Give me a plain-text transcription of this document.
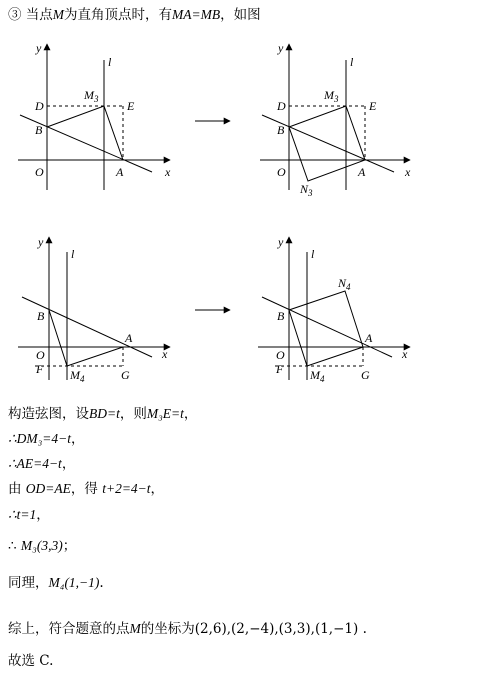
③ 当点M为直角顶点时，有MA=MB，如图
y
l
D
B
E
$M_3$
O	A	x
y
l
D
B
E
$M_3$
O	A	x
$N_3$
y
l
B
A
O
F $M_4$	G
x
y
l
$N_4$
B
A
O
F $M_4$	G
x
构造弦图，设BD=t，则M₃E=t，
∴DM₃=4−t，
∴AE=4−t，
由 OD=AE，得 t+2=4−t，
∴t=1，
∴ M₃(3,3)；
同理，M₄(1,−1).
综上，符合题意的点M的坐标为(2,6),(2,−4),(3,3),(1,−1) .
故选 C.
